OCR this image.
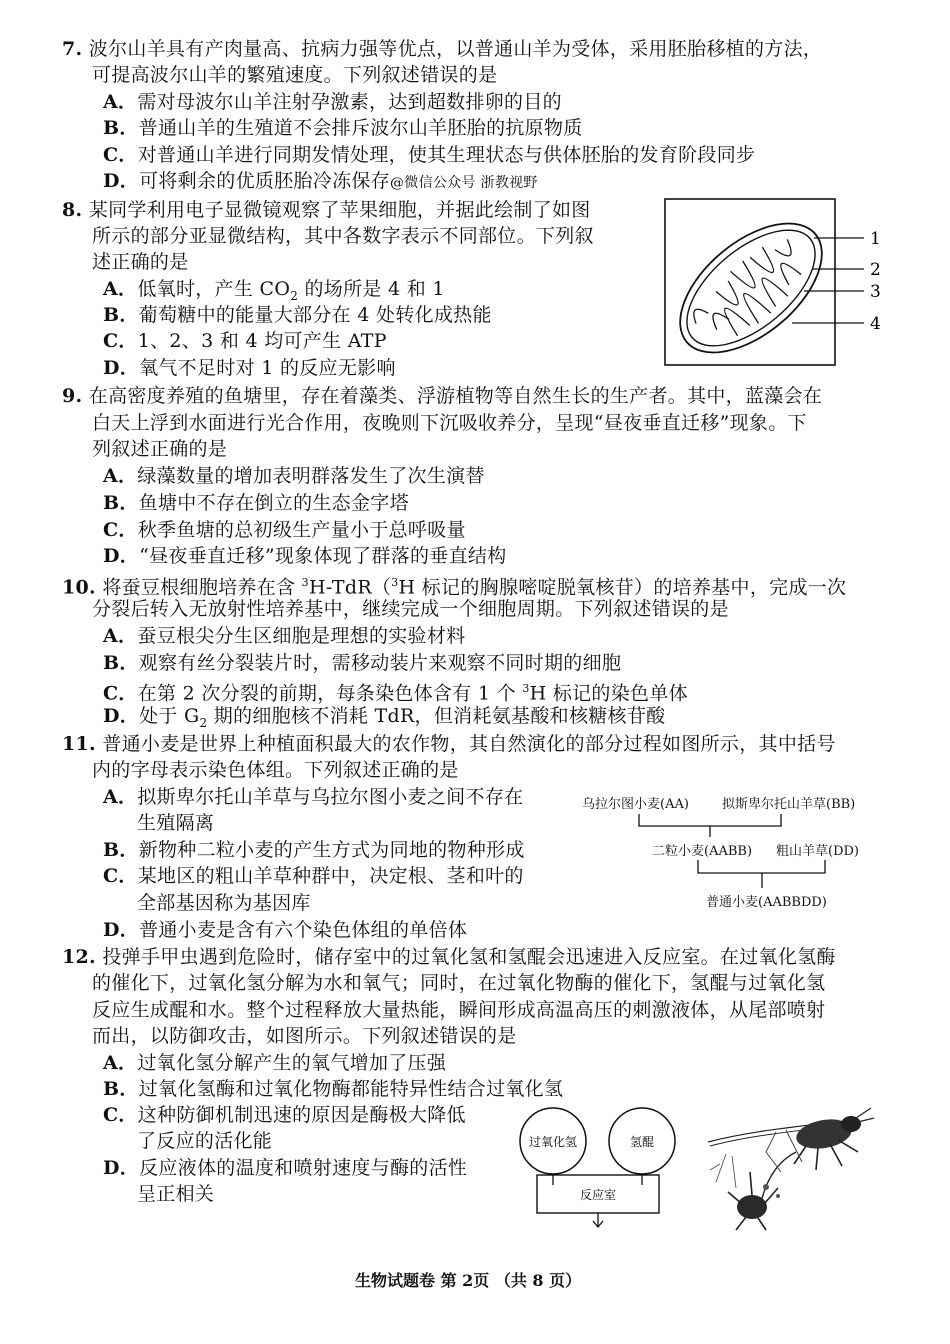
7. 波尔山羊具有产肉量高、抗病力强等优点，以普通山羊为受体，采用胚胎移植的方法，
可提高波尔山羊的繁殖速度。下列叙述错误的是
A．需对母波尔山羊注射孕激素，达到超数排卵的目的
B．普通山羊的生殖道不会排斥波尔山羊胚胎的抗原物质
C．对普通山羊进行同期发情处理，使其生理状态与供体胚胎的发育阶段同步
D．可将剩余的优质胚胎冷冻保存@微信公众号 浙教视野
8. 某同学利用电子显微镜观察了苹果细胞，并据此绘制了如图
所示的部分亚显微结构，其中各数字表示不同部位。下列叙
述正确的是
A．低氧时，产生 $CO_2$ 的场所是 4 和 1
B．葡萄糖中的能量大部分在 4 处转化成热能
C．1、2、3 和 4 均可产生 ATP
D．氧气不足时对 1 的反应无影响
1
2
3
4
9. 在高密度养殖的鱼塘里，存在着藻类、浮游植物等自然生长的生产者。其中，蓝藻会在
白天上浮到水面进行光合作用，夜晚则下沉吸收养分，呈现“昼夜垂直迁移”现象。下
列叙述正确的是
A．绿藻数量的增加表明群落发生了次生演替
B．鱼塘中不存在倒立的生态金字塔
C．秋季鱼塘的总初级生产量小于总呼吸量
D．“昼夜垂直迁移”现象体现了群落的垂直结构
10. 将蚕豆根细胞培养在含 $^3$H-TdR（$^3$H 标记的胸腺嘧啶脱氧核苷）的培养基中，完成一次
分裂后转入无放射性培养基中，继续完成一个细胞周期。下列叙述错误的是
A．蚕豆根尖分生区细胞是理想的实验材料
B．观察有丝分裂装片时，需移动装片来观察不同时期的细胞
C．在第 2 次分裂的前期，每条染色体含有 1 个 $^3$H 标记的染色单体
D．处于 $G_2$ 期的细胞核不消耗 TdR，但消耗氨基酸和核糖核苷酸
11. 普通小麦是世界上种植面积最大的农作物，其自然演化的部分过程如图所示，其中括号
内的字母表示染色体组。下列叙述正确的是
A．拟斯卑尔托山羊草与乌拉尔图小麦之间不存在
生殖隔离
B．新物种二粒小麦的产生方式为同地的物种形成
C．某地区的粗山羊草种群中，决定根、茎和叶的
全部基因称为基因库
D．普通小麦是含有六个染色体组的单倍体
乌拉尔图小麦(AA)	拟斯卑尔托山羊草(BB)
二粒小麦(AABB) 粗山羊草(DD)
普通小麦(AABBDD)
12. 投弹手甲虫遇到危险时，储存室中的过氧化氢和氢醌会迅速进入反应室。在过氧化氢酶
的催化下，过氧化氢分解为水和氧气；同时，在过氧化物酶的催化下，氢醌与过氧化氢
反应生成醌和水。整个过程释放大量热能，瞬间形成高温高压的刺激液体，从尾部喷射
而出，以防御攻击，如图所示。下列叙述错误的是
A．过氧化氢分解产生的氧气增加了压强
B．过氧化氢酶和过氧化物酶都能特异性结合过氧化氢
C．这种防御机制迅速的原因是酶极大降低
了反应的活化能
D．反应液体的温度和喷射速度与酶的活性
呈正相关
过氧化氢	氢醌
反应室
生物试题卷 第 2页 （共 8 页）
